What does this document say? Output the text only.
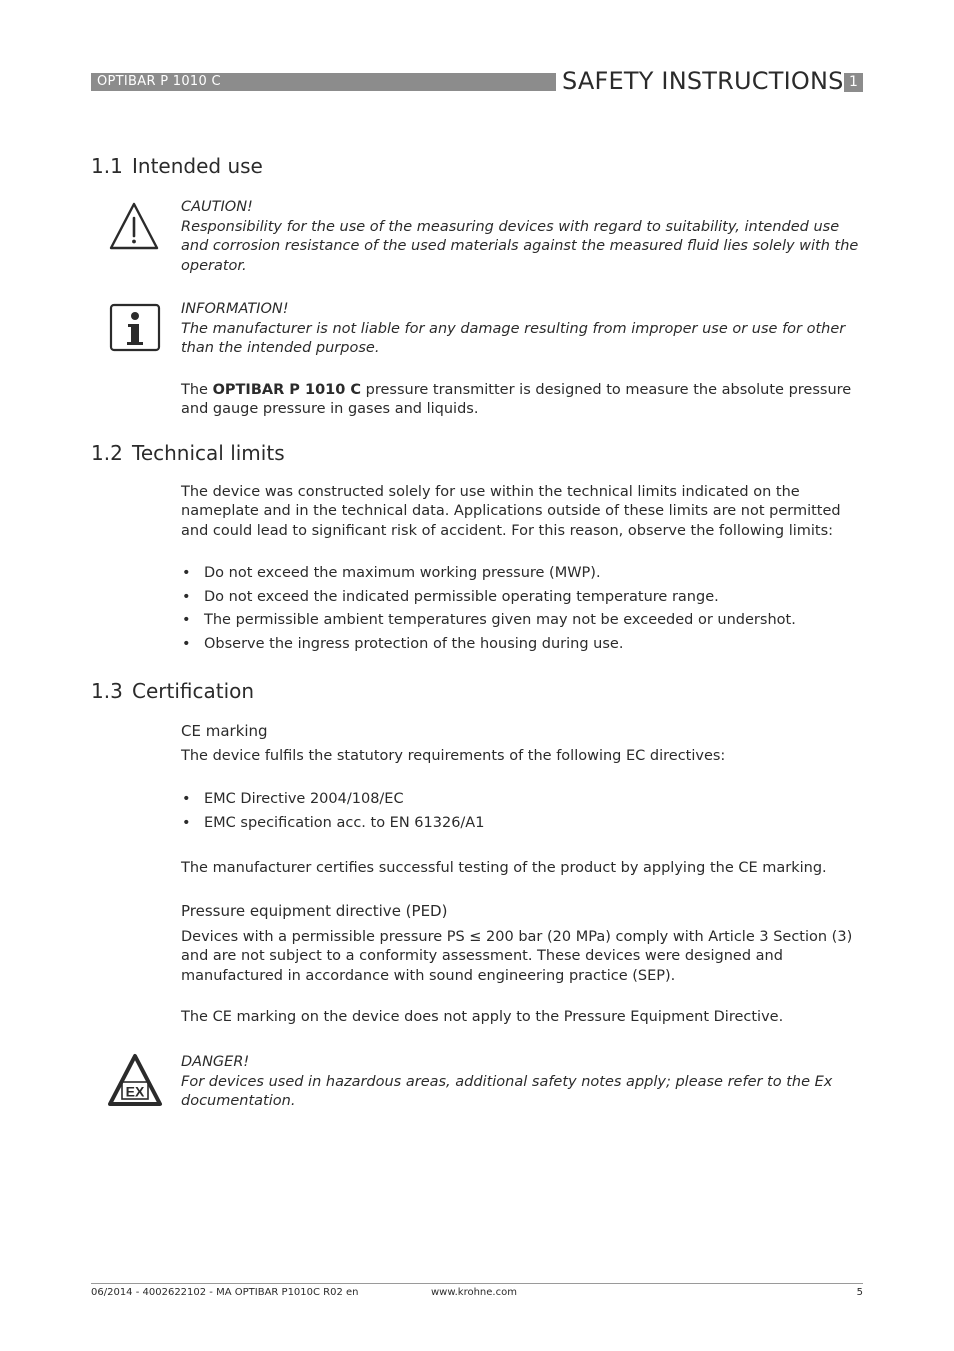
OPTIBAR P 1010 C	SAFETY INSTRUCTIONS 1
1.1 Intended use
CAUTION!
Responsibility for the use of the measuring devices with regard to suitability, intended use and corrosion resistance of the used materials against the measured fluid lies solely with the operator.
INFORMATION!
The manufacturer is not liable for any damage resulting from improper use or use for other than the intended purpose.
The OPTIBAR P 1010 C pressure transmitter is designed to measure the absolute pressure and gauge pressure in gases and liquids.
1.2 Technical limits
The device was constructed solely for use within the technical limits indicated on the nameplate and in the technical data. Applications outside of these limits are not permitted and could lead to significant risk of accident. For this reason, observe the following limits:
• Do not exceed the maximum working pressure (MWP).
• Do not exceed the indicated permissible operating temperature range.
• The permissible ambient temperatures given may not be exceeded or undershot.
• Observe the ingress protection of the housing during use.
1.3 Certification
CE marking
The device fulfils the statutory requirements of the following EC directives:
• EMC Directive 2004/108/EC
• EMC specification acc. to EN 61326/A1
The manufacturer certifies successful testing of the product by applying the CE marking.
Pressure equipment directive (PED)
Devices with a permissible pressure PS ≤ 200 bar (20 MPa) comply with Article 3 Section (3) and are not subject to a conformity assessment. These devices were designed and manufactured in accordance with sound engineering practice (SEP).
The CE marking on the device does not apply to the Pressure Equipment Directive.
EX
DANGER!
For devices used in hazardous areas, additional safety notes apply; please refer to the Ex documentation.
06/2014 - 4002622102 - MA OPTIBAR P1010C R02 en	www.krohne.com	5
